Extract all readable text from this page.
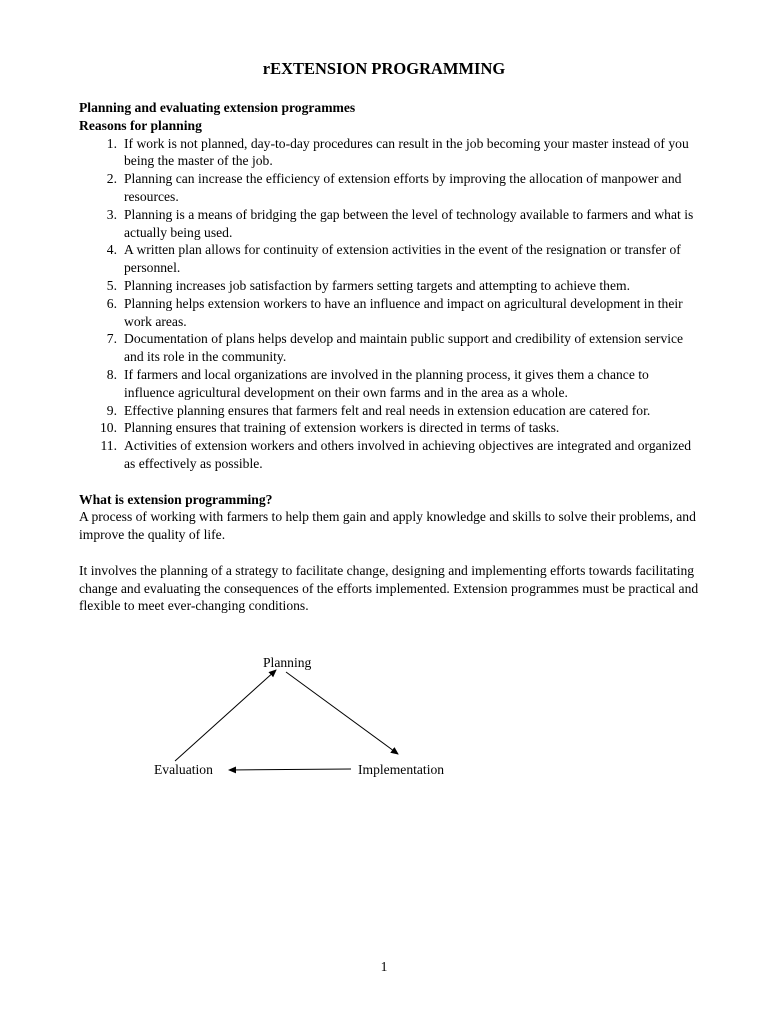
rEXTENSION PROGRAMMING

Planning and evaluating extension programmes

Reasons for planning

1. If work is not planned, day-to-day procedures can result in the job becoming your master instead of you being the master of the job.
2. Planning can increase the efficiency of extension efforts by improving the allocation of manpower and resources.
3. Planning is a means of bridging the gap between the level of technology available to farmers and what is actually being used.
4. A written plan allows for continuity of extension activities in the event of the resignation or transfer of personnel.
5. Planning increases job satisfaction by farmers setting targets and attempting to achieve them.
6. Planning helps extension workers to have an influence and impact on agricultural development in their work areas.
7. Documentation of plans helps develop and maintain public support and credibility of extension service and its role in the community.
8. If farmers and local organizations are involved in the planning process, it gives them a chance to influence agricultural development on their own farms and in the area as a whole.
9. Effective planning ensures that farmers felt and real needs in extension education are catered for.
10. Planning ensures that training of extension workers is directed in terms of tasks.
11. Activities of extension workers and others involved in achieving objectives are integrated and organized as effectively as possible.

What is extension programming?

A process of working with farmers to help them gain and apply knowledge and skills to solve their problems, and improve the quality of life.

It involves the planning of a strategy to facilitate change, designing and implementing efforts towards facilitating change and evaluating the consequences of the efforts implemented. Extension programmes must be practical and flexible to meet ever-changing conditions.

Planning
Evaluation	Implementation
1
